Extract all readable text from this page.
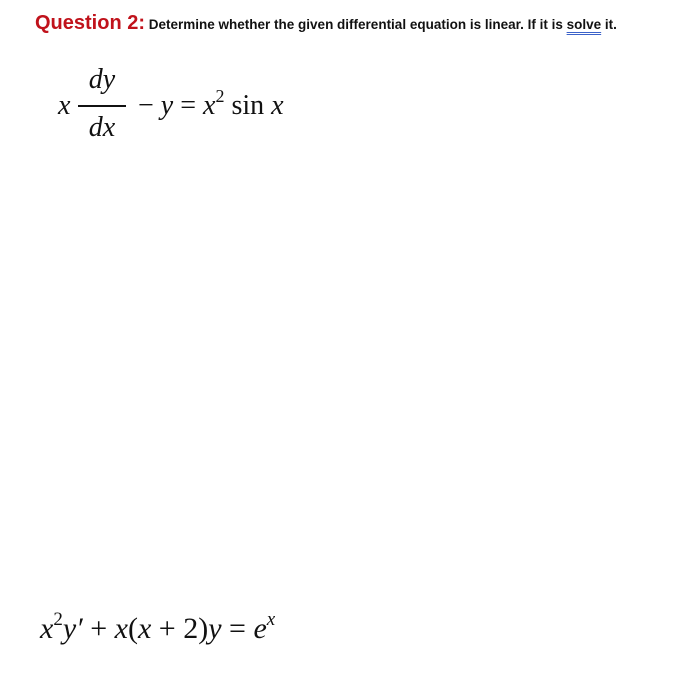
Question 2: Determine whether the given differential equation is linear. If it is solve it.
x
dy
dx
− $y = x^2$ sin x
$x^2y' + x(x + 2)y = e^x$
